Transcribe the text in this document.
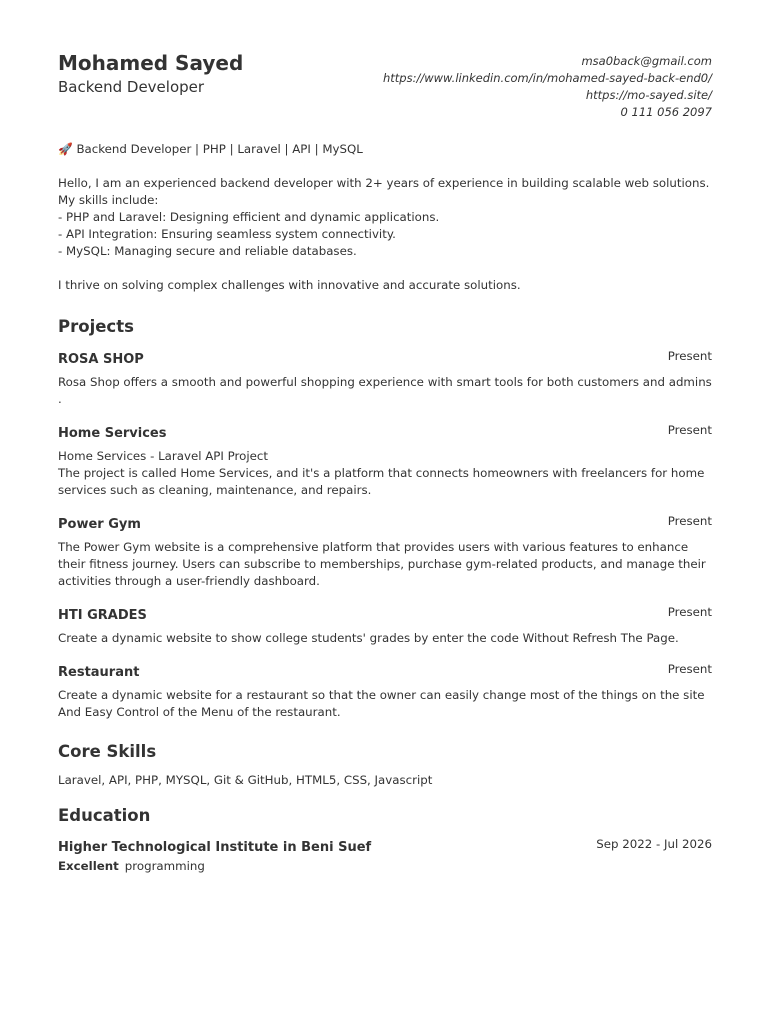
Mohamed Sayed
Backend Developer
msa0back@gmail.com
https://www.linkedin.com/in/mohamed-sayed-back-end0/
https://mo-sayed.site/
0 111 056 2097
🚀 Backend Developer | PHP | Laravel | API | MySQL
Hello, I am an experienced backend developer with 2+ years of experience in building scalable web solutions. My skills include:
- PHP and Laravel: Designing efficient and dynamic applications.
- API Integration: Ensuring seamless system connectivity.
- MySQL: Managing secure and reliable databases.
I thrive on solving complex challenges with innovative and accurate solutions.
Projects
ROSA SHOP	Present
Rosa Shop offers a smooth and powerful shopping experience with smart tools for both customers and admins .
Home Services	Present
Home Services - Laravel API Project
The project is called Home Services, and it's a platform that connects homeowners with freelancers for home services such as cleaning, maintenance, and repairs.
Power Gym	Present
The Power Gym website is a comprehensive platform that provides users with various features to enhance their fitness journey. Users can subscribe to memberships, purchase gym-related products, and manage their activities through a user-friendly dashboard.
HTI GRADES	Present
Create a dynamic website to show college students' grades by enter the code Without Refresh The Page.
Restaurant	Present
Create a dynamic website for a restaurant so that the owner can easily change most of the things on the site And Easy Control of the Menu of the restaurant.
Core Skills
Laravel, API, PHP, MYSQL, Git & GitHub, HTML5, CSS, Javascript
Education
Higher Technological Institute in Beni Suef	Sep 2022 - Jul 2026
Excellent programming
